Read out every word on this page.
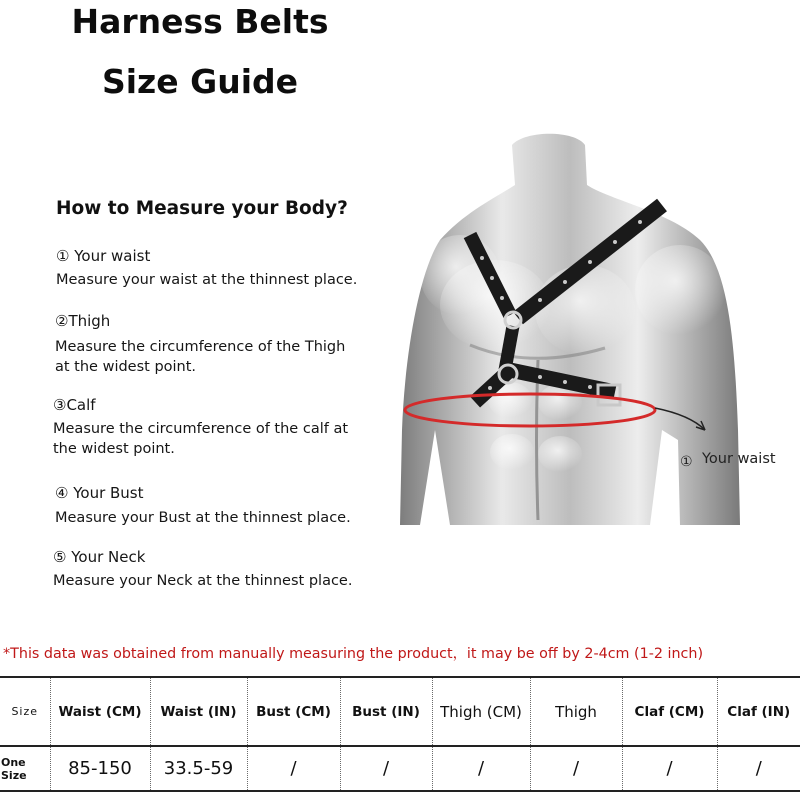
Harness Belts
Size Guide
How to Measure your Body?
① Your waist
Measure your waist at the thinnest place.
②Thigh
Measure the circumference of the Thigh at the widest point.
③Calf
Measure the circumference of the calf at the widest point.
④ Your Bust
Measure your Bust at the thinnest place.
⑤ Your Neck
Measure your Neck at the thinnest place.
① Your waist
*This data was obtained from manually measuring the product，it may be off by 2-4cm (1-2 inch)
Size	Waist (CM)	Waist (IN)	Bust (CM)	Bust (IN)	Thigh (CM)	Thigh	Claf (CM)	Claf (IN)
One Size	85-150	33.5-59	/	/	/	/	/	/
